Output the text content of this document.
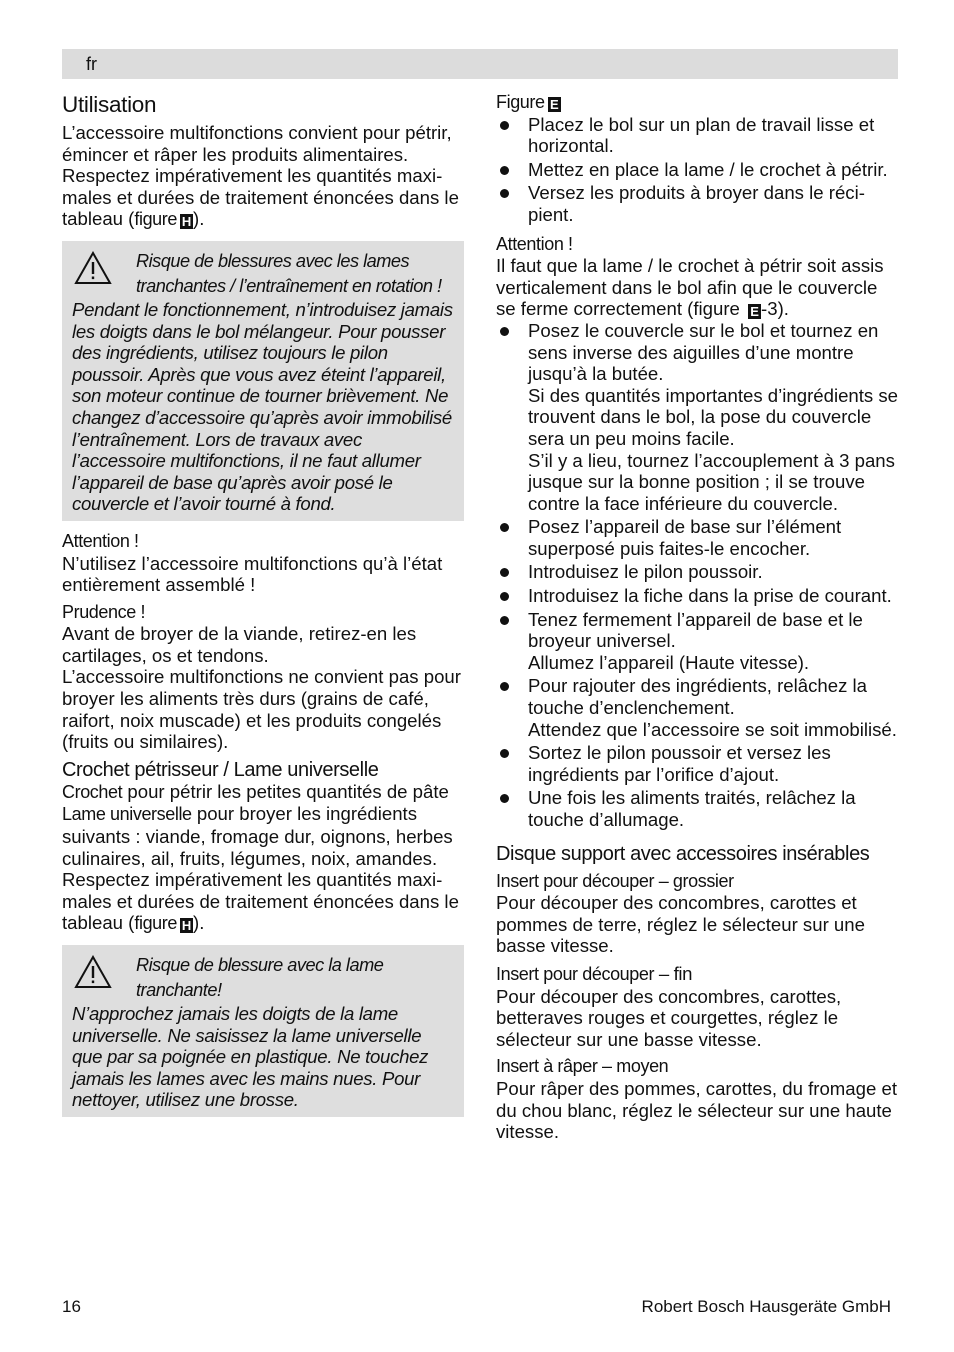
fr
Utilisation

L’accessoire multifonctions convient pour pétrir, émincer et râper les produits alimentaires.

Respectez impérativement les quantités maximales et durées de traitement énoncées dans le tableau (figure H).

Risque de blessures avec les lames tranchantes / l’entraînement en rotation !
Pendant le fonctionnement, n’introduisez jamais les doigts dans le bol mélangeur. Pour pousser des ingrédients, utilisez toujours le pilon poussoir. Après que vous avez éteint l’appareil, son moteur continue de tourner brièvement. Ne changez d’accessoire qu’après avoir immobilisé l’entraînement. Lors de travaux avec l’accessoire multifonctions, il ne faut allumer l’appareil de base qu’après avoir posé le couvercle et l’avoir tourné à fond.
Attention !

N’utilisez l’accessoire multifonctions qu’à l’état entièrement assemblé !

Prudence !

Avant de broyer de la viande, retirez-en les cartilages, os et tendons.

L’accessoire multifonctions ne convient pas pour broyer les aliments très durs (grains de café, raifort, noix muscade) et les produits congelés (fruits ou similaires).

Crochet pétrisseur / Lame universelle

Crochet pour pétrir les petites quantités de pâte

Lame universelle pour broyer les ingrédients suivants : viande, fromage dur, oignons, herbes culinaires, ail, fruits, légumes, noix, amandes.

Respectez impérativement les quantités maximales et durées de traitement énoncées dans le tableau (figure H).

Risque de blessure avec la lame tranchante!
N’approchez jamais les doigts de la lame universelle. Ne saisissez la lame universelle que par sa poignée en plastique. Ne touchez jamais les lames avec les mains nues. Pour nettoyer, utilisez une brosse.
Figure E
Placez le bol sur un plan de travail lisse et horizontal.
Mettez en place la lame / le crochet à pétrir.
Versez les produits à broyer dans le récipient.
Attention !

Il faut que la lame / le crochet à pétrir soit assis verticalement dans le bol afin que le couvercle se ferme correctement (figure E -3).

Posez le couvercle sur le bol et tournez en sens inverse des aiguilles d’une montre jusqu’à la butée.
Si des quantités importantes d’ingrédients se trouvent dans le bol, la pose du couvercle sera un peu moins facile.
S’il y a lieu, tournez l’accouplement à 3 pans jusque sur la bonne position ; il se trouve contre la face inférieure du couvercle.
Posez l’appareil de base sur l’élément superposé puis faites-le encocher.
Introduisez le pilon poussoir.
Introduisez la fiche dans la prise de courant.
Tenez fermement l’appareil de base et le broyeur universel.
Allumez l’appareil (Haute vitesse).
Pour rajouter des ingrédients, relâchez la touche d’enclenchement.
Attendez que l’accessoire se soit immobilisé.
Sortez le pilon poussoir et versez les ingrédients par l’orifice d’ajout.
Une fois les aliments traités, relâchez la touche d’allumage.
Disque support avec accessoires insérables
Insert pour découper – grossier

Pour découper des concombres, carottes et pommes de terre, réglez le sélecteur sur une basse vitesse.

Insert pour découper – fin

Pour découper des concombres, carottes, betteraves rouges et courgettes, réglez le sélecteur sur une basse vitesse.

Insert à râper – moyen

Pour râper des pommes, carottes, du fromage et du chou blanc, réglez le sélecteur sur une haute vitesse.

16	Robert Bosch Hausgeräte GmbH
